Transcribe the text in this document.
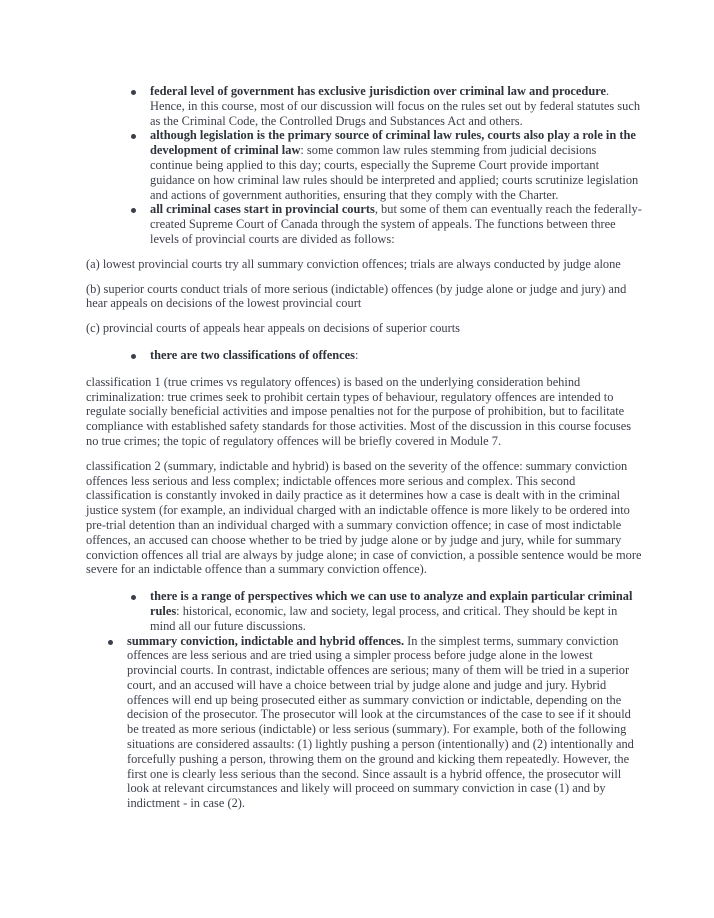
federal level of government has exclusive jurisdiction over criminal law and procedure. Hence, in this course, most of our discussion will focus on the rules set out by federal statutes such as the Criminal Code, the Controlled Drugs and Substances Act and others.
although legislation is the primary source of criminal law rules, courts also play a role in the development of criminal law: some common law rules stemming from judicial decisions continue being applied to this day; courts, especially the Supreme Court provide important guidance on how criminal law rules should be interpreted and applied; courts scrutinize legislation and actions of government authorities, ensuring that they comply with the Charter.
all criminal cases start in provincial courts, but some of them can eventually reach the federally-created Supreme Court of Canada through the system of appeals. The functions between three levels of provincial courts are divided as follows:

(a) lowest provincial courts try all summary conviction offences; trials are always conducted by judge alone

(b) superior courts conduct trials of more serious (indictable) offences (by judge alone or judge and jury) and hear appeals on decisions of the lowest provincial court

(c) provincial courts of appeals hear appeals on decisions of superior courts

there are two classifications of offences:

classification 1 (true crimes vs regulatory offences) is based on the underlying consideration behind criminalization: true crimes seek to prohibit certain types of behaviour, regulatory offences are intended to regulate socially beneficial activities and impose penalties not for the purpose of prohibition, but to facilitate compliance with established safety standards for those activities. Most of the discussion in this course focuses no true crimes; the topic of regulatory offences will be briefly covered in Module 7.

classification 2 (summary, indictable and hybrid) is based on the severity of the offence: summary conviction offences less serious and less complex; indictable offences more serious and complex. This second classification is constantly invoked in daily practice as it determines how a case is dealt with in the criminal justice system (for example, an individual charged with an indictable offence is more likely to be ordered into pre-trial detention than an individual charged with a summary conviction offence; in case of most indictable offences, an accused can choose whether to be tried by judge alone or by judge and jury, while for summary conviction offences all trial are always by judge alone; in case of conviction, a possible sentence would be more severe for an indictable offence than a summary conviction offence).

there is a range of perspectives which we can use to analyze and explain particular criminal rules: historical, economic, law and society, legal process, and critical. They should be kept in mind all our future discussions.
summary conviction, indictable and hybrid offences. In the simplest terms, summary conviction offences are less serious and are tried using a simpler process before judge alone in the lowest provincial courts. In contrast, indictable offences are serious; many of them will be tried in a superior court, and an accused will have a choice between trial by judge alone and judge and jury. Hybrid offences will end up being prosecuted either as summary conviction or indictable, depending on the decision of the prosecutor. The prosecutor will look at the circumstances of the case to see if it should be treated as more serious (indictable) or less serious (summary). For example, both of the following situations are considered assaults: (1) lightly pushing a person (intentionally) and (2) intentionally and forcefully pushing a person, throwing them on the ground and kicking them repeatedly. However, the first one is clearly less serious than the second. Since assault is a hybrid offence, the prosecutor will look at relevant circumstances and likely will proceed on summary conviction in case (1) and by indictment - in case (2).
